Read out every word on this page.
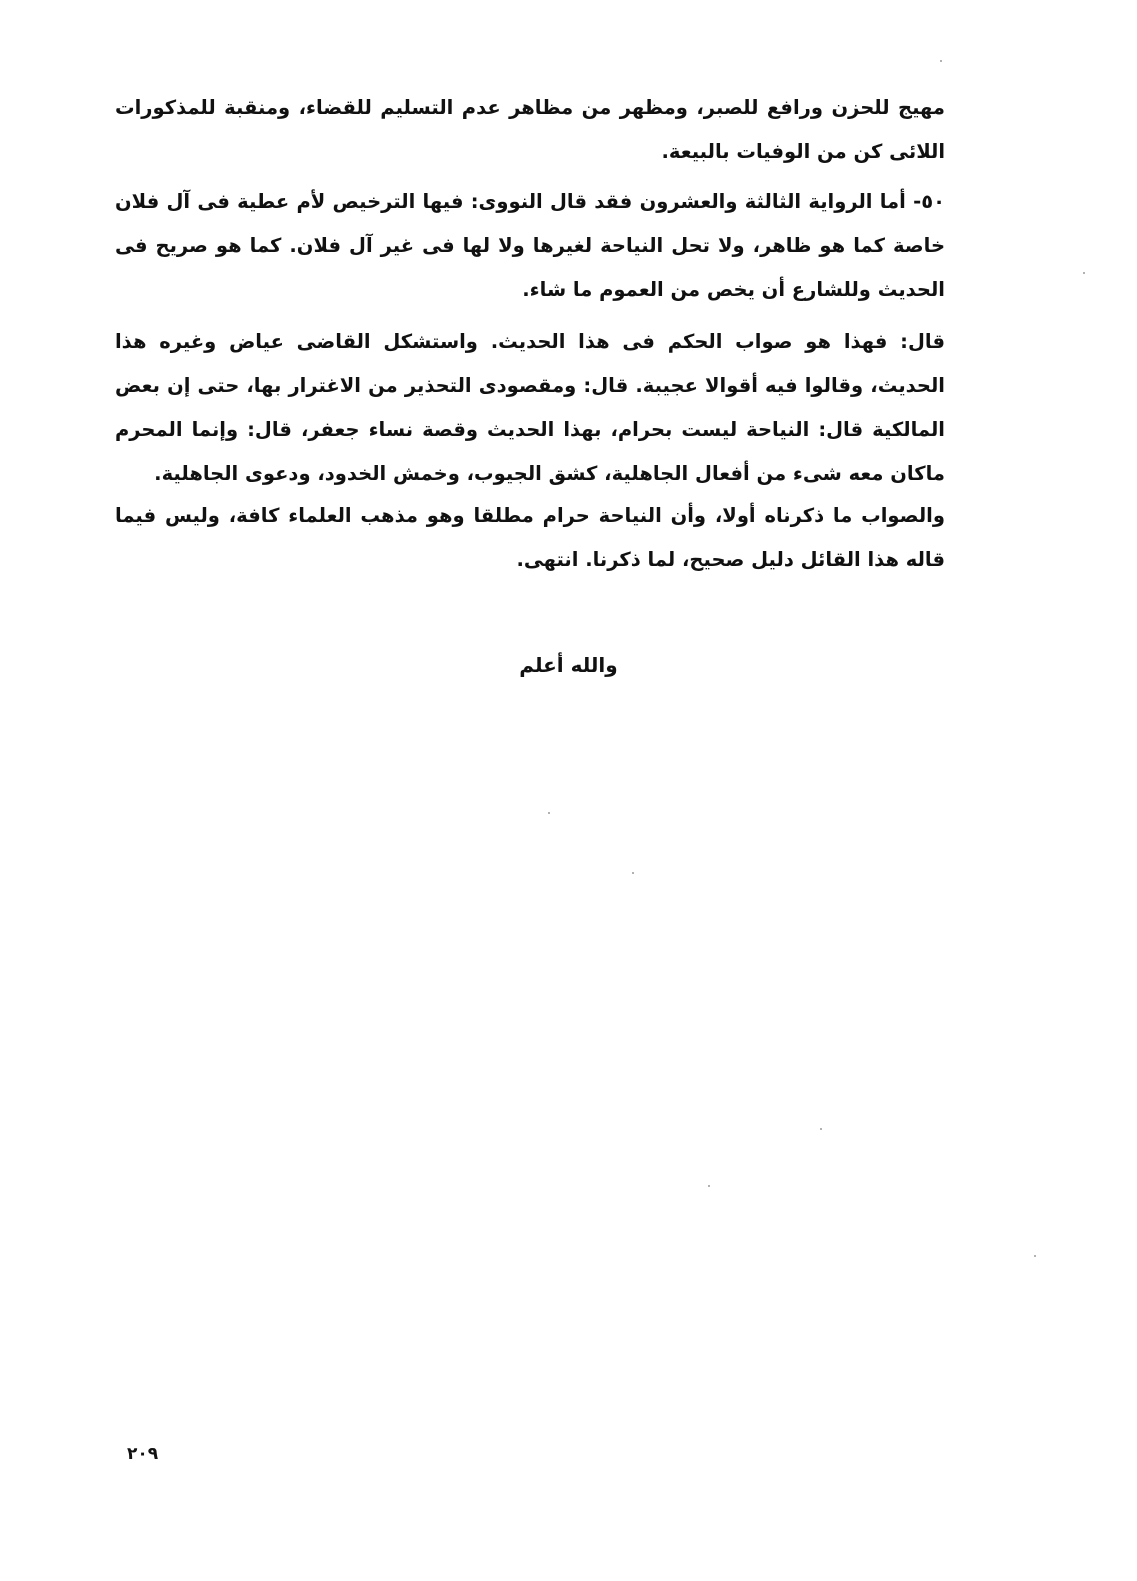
مهيج للحزن ورافع للصبر، ومظهر من مظاهر عدم التسليم للقضاء، ومنقبة للمذكورات اللائى كن من الوفيات بالبيعة.

٥٠- أما الرواية الثالثة والعشرون فقد قال النووى: فيها الترخيص لأم عطية فى آل فلان خاصة كما هو ظاهر، ولا تحل النياحة لغيرها ولا لها فى غير آل فلان. كما هو صريح فى الحديث وللشارع أن يخص من العموم ما شاء.

قال: فهذا هو صواب الحكم فى هذا الحديث. واستشكل القاضى عياض وغيره هذا الحديث، وقالوا فيه أقوالا عجيبة. قال: ومقصودى التحذير من الاغترار بها، حتى إن بعض المالكية قال: النياحة ليست بحرام، بهذا الحديث وقصة نساء جعفر، قال: وإنما المحرم ماكان معه شىء من أفعال الجاهلية، كشق الجيوب، وخمش الخدود، ودعوى الجاهلية.

والصواب ما ذكرناه أولا، وأن النياحة حرام مطلقا وهو مذهب العلماء كافة، وليس فيما قاله هذا القائل دليل صحيح، لما ذكرنا. انتهى.

والله أعلم
٢٠٩
